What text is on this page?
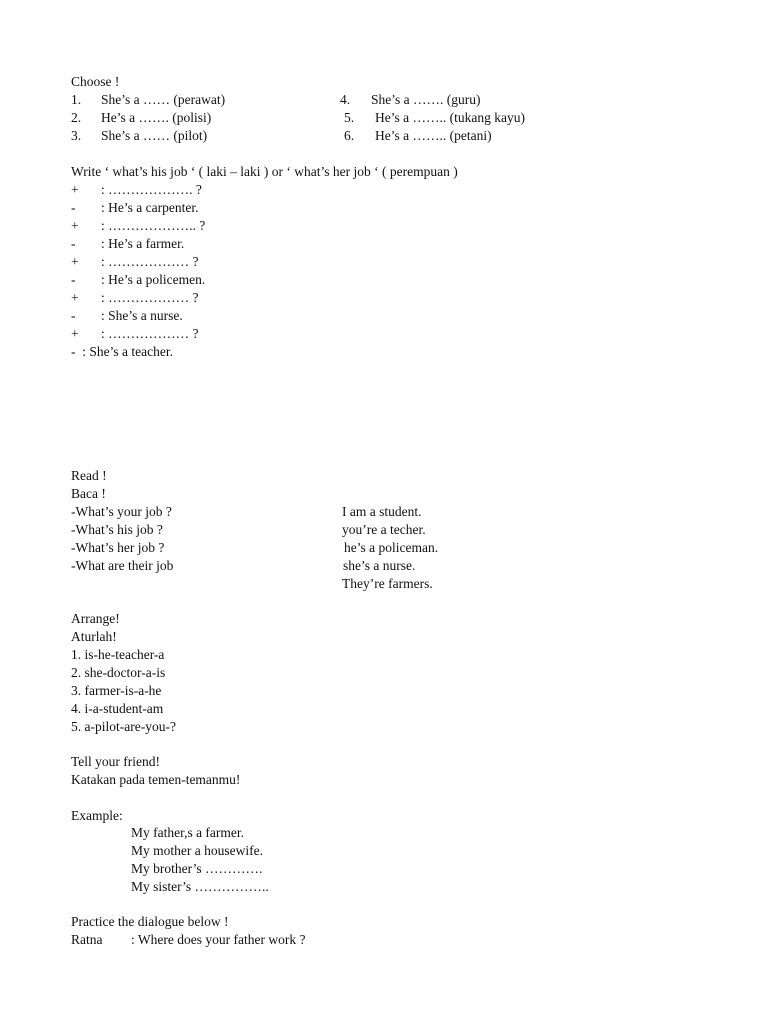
Choose !
1. She’s a …… (perawat)
2. He’s a ……. (polisi)
3. She’s a …… (pilot)
4. She’s a ……. (guru)
5. He’s a …….. (tukang kayu)
6. He’s a …….. (petani)
Write ‘ what’s his job ‘ ( laki – laki ) or ‘ what’s her job ‘ ( perempuan )
+ : ………………. ?
- : He’s a carpenter.
+ : ……………….. ?
- : He’s a farmer.
+ : ……………… ?
- : He’s a policemen.
+ : ……………… ?
- : She’s a nurse.
+ : ……………… ?
-  : She’s a teacher.
Read !
Baca !
-What’s your job ?
-What’s his job ?
-What’s her job ?
-What are their job
I am a student.
you’re a techer.
he’s a policeman.
she’s a nurse.
They’re farmers.
Arrange!
Aturlah!
1. is-he-teacher-a
2. she-doctor-a-is
3. farmer-is-a-he
4. i-a-student-am
5. a-pilot-are-you-?
Tell your friend!
Katakan pada temen-temanmu!
Example:
My father,s a farmer.
My mother a housewife.
My brother’s ………….
My sister’s ……………..
Practice the dialogue below !
Ratna : Where does your father work ?
